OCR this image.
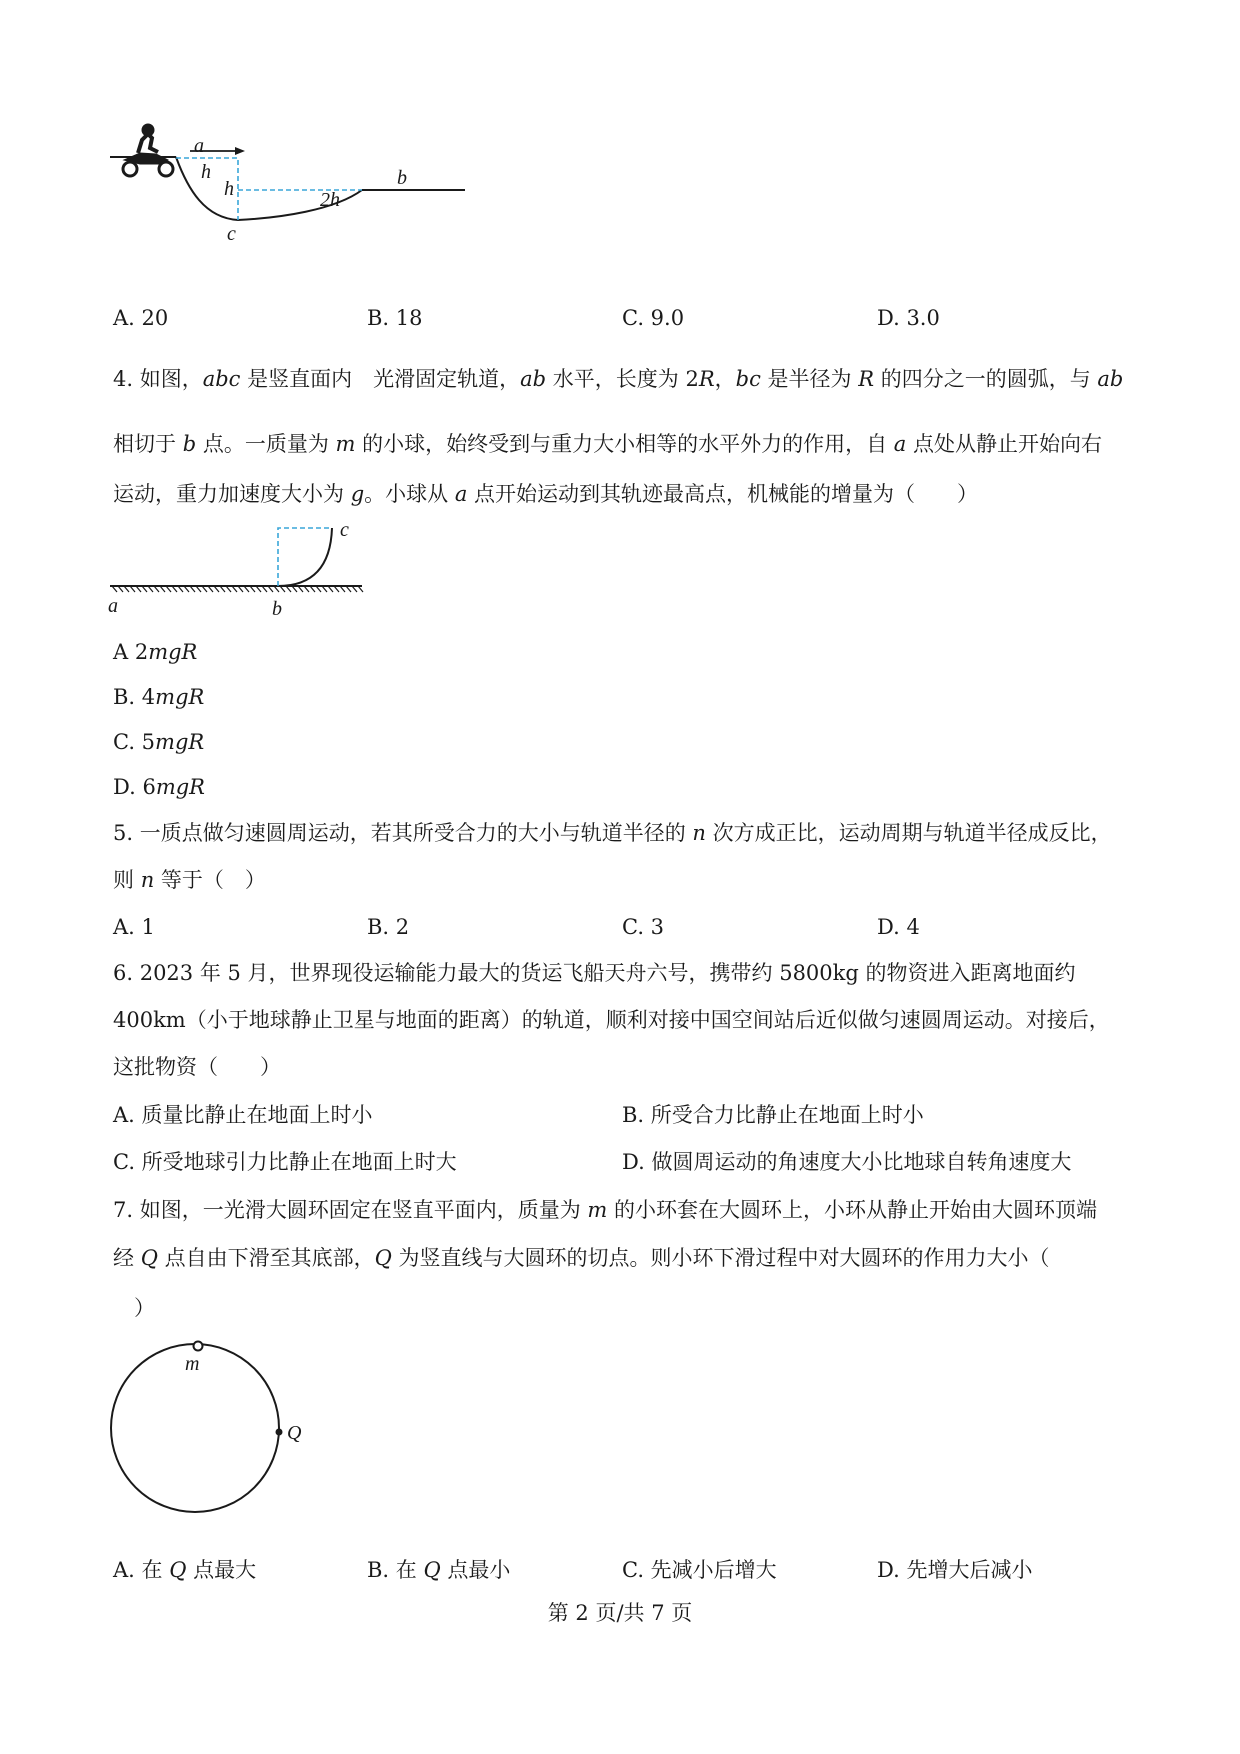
a
c
b
h
h	2h
A. 20	B. 18	C. 9.0	D. 3.0
4. 如图，abc 是竖直面内　光滑固定轨道，ab 水平，长度为 2R，bc 是半径为 R 的四分之一的圆弧，与 ab
相切于 b 点。一质量为 m 的小球，始终受到与重力大小相等的水平外力的作用，自 a 点处从静止开始向右
运动，重力加速度大小为 g。小球从 a 点开始运动到其轨迹最高点，机械能的增量为（　　）
a	b
c
A 2mgR
B. 4mgR
C. 5mgR
D. 6mgR
5. 一质点做匀速圆周运动，若其所受合力的大小与轨道半径的 n 次方成正比，运动周期与轨道半径成反比，
则 n 等于（　）
A. 1	B. 2	C. 3	D. 4
6. 2023 年 5 月，世界现役运输能力最大的货运飞船天舟六号，携带约 5800kg 的物资进入距离地面约
400km（小于地球静止卫星与地面的距离）的轨道，顺利对接中国空间站后近似做匀速圆周运动。对接后，
这批物资（　　）
A. 质量比静止在地面上时小	B. 所受合力比静止在地面上时小
C. 所受地球引力比静止在地面上时大	D. 做圆周运动的角速度大小比地球自转角速度大
7. 如图，一光滑大圆环固定在竖直平面内，质量为 m 的小环套在大圆环上，小环从静止开始由大圆环顶端
经 Q 点自由下滑至其底部，Q 为竖直线与大圆环的切点。则小环下滑过程中对大圆环的作用力大小（
　）
m
Q
A. 在 Q 点最大	B. 在 Q 点最小	C. 先减小后增大	D. 先增大后减小
第 2 页/共 7 页
